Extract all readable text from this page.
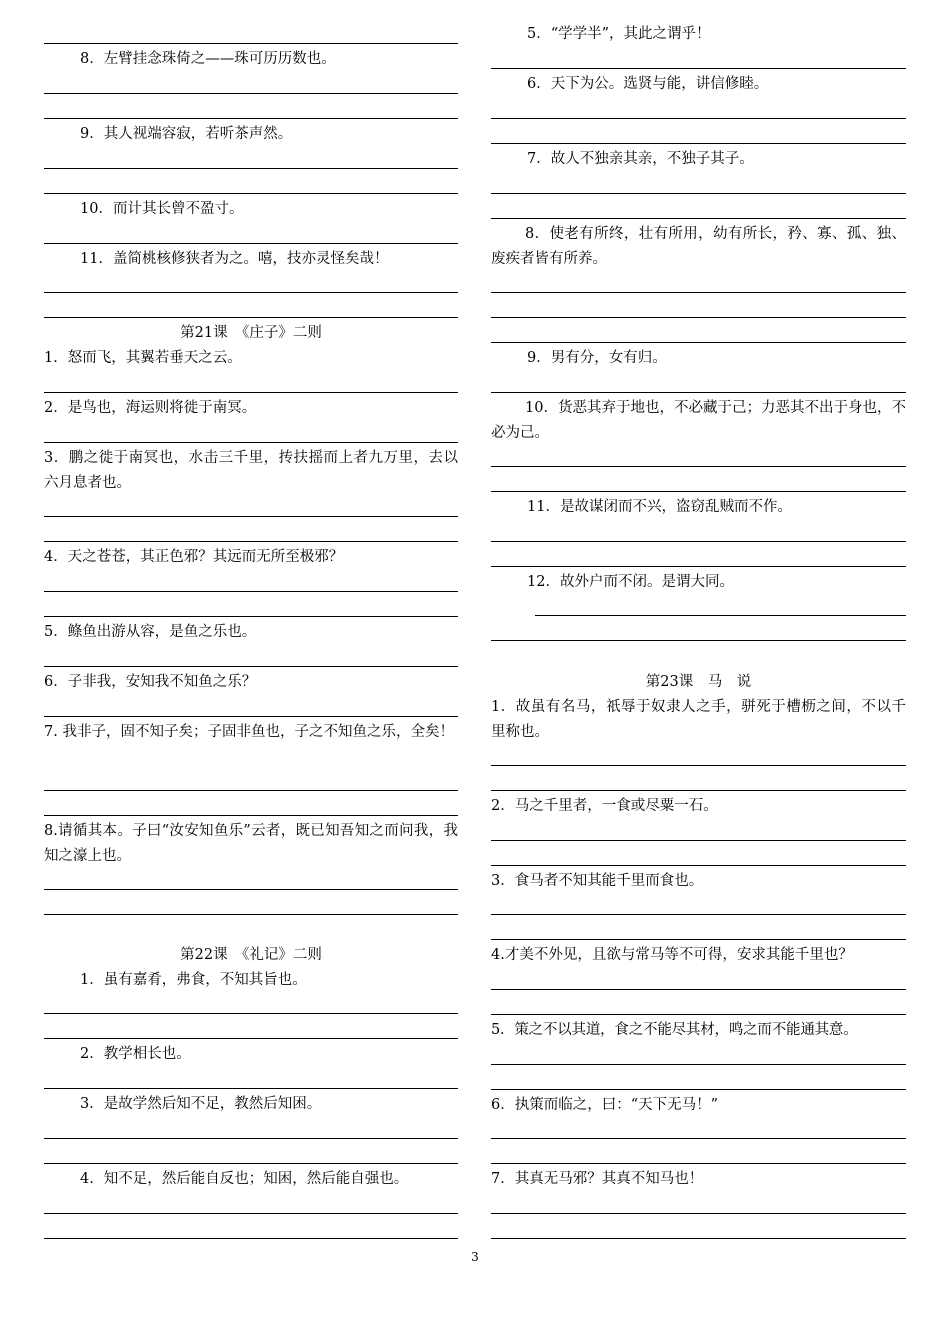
8．左臂挂念珠倚之——珠可历历数也。
9．其人视端容寂，若听茶声然。
10．而计其长曾不盈寸。
11．盖简桃核修狭者为之。嘻，技亦灵怪矣哉！
第21课　《庄子》二则
1．怒而飞，其翼若垂天之云。
2．是鸟也，海运则将徙于南冥。
3．鹏之徙于南冥也，水击三千里，抟扶摇而上者九万里，去以六月息者也。
4．天之苍苍，其正色邪？其远而无所至极邪？
5．鲦鱼出游从容，是鱼之乐也。
6．子非我，安知我不知鱼之乐？
7. 我非子，固不知子矣；子固非鱼也，子之不知鱼之乐，全矣！
8.请循其本。子曰“汝安知鱼乐”云者，既已知吾知之而问我，我知之濠上也。
第22课　《礼记》二则
1．虽有嘉肴，弗食，不知其旨也。
2．教学相长也。
3．是故学然后知不足，教然后知困。
4．知不足，然后能自反也；知困，然后能自强也。
5．“学学半”，其此之谓乎！
6．天下为公。选贤与能，讲信修睦。
7．故人不独亲其亲，不独子其子。
8．使老有所终，壮有所用，幼有所长，矜、寡、孤、独、废疾者皆有所养。
9．男有分，女有归。
10．货恶其弃于地也，不必藏于己；力恶其不出于身也，不必为己。
11．是故谋闭而不兴，盗窃乱贼而不作。
12．故外户而不闭。是谓大同。
第23课　马　说
1．故虽有名马，祇辱于奴隶人之手，骈死于槽枥之间，不以千里称也。
2．马之千里者，一食或尽粟一石。
3．食马者不知其能千里而食也。
4.才美不外见，且欲与常马等不可得，安求其能千里也？
5．策之不以其道，食之不能尽其材，鸣之而不能通其意。
6．执策而临之，曰：“天下无马！”
7．其真无马邪？其真不知马也！
3
